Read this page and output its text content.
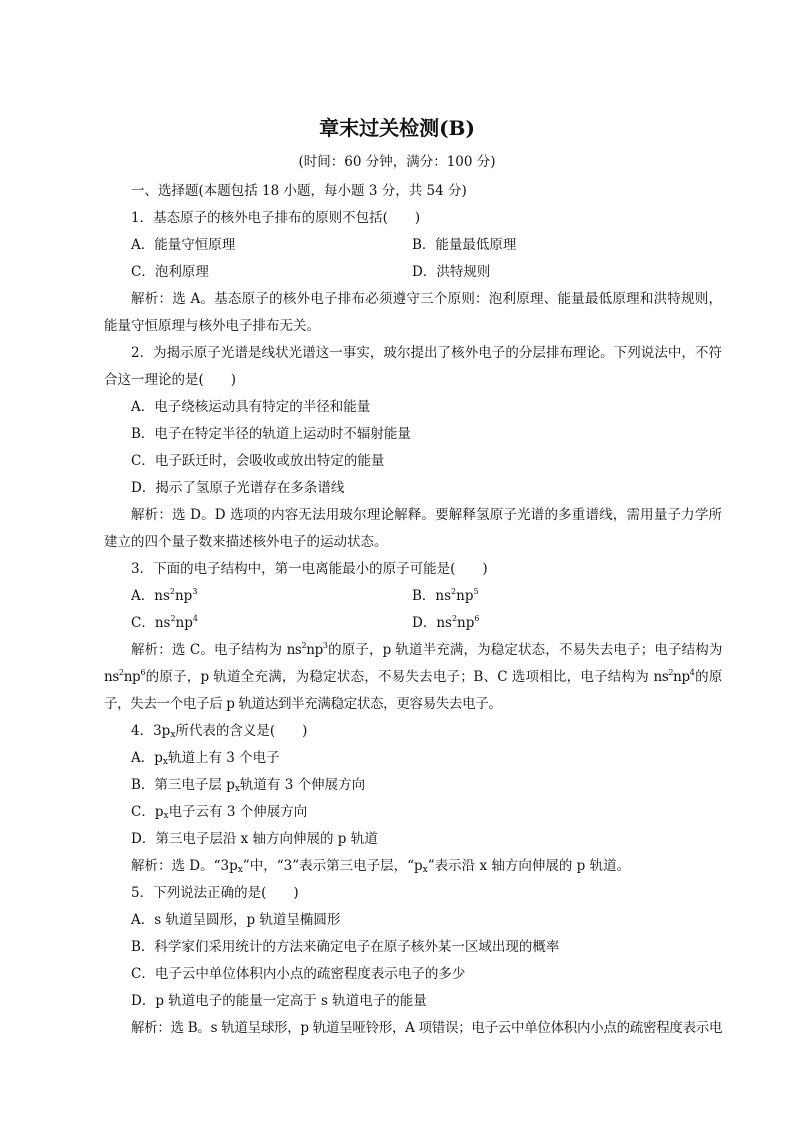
章末过关检测(B)
(时间：60 分钟，满分：100 分)
一、选择题(本题包括 18 小题，每小题 3 分，共 54 分)
1．基态原子的核外电子排布的原则不包括(　　)
A．能量守恒原理	B．能量最低原理
C．泡利原理	D．洪特规则
解析：选 A。基态原子的核外电子排布必须遵守三个原则：泡利原理、能量最低原理和洪特规则，能量守恒原理与核外电子排布无关。
2．为揭示原子光谱是线状光谱这一事实，玻尔提出了核外电子的分层排布理论。下列说法中，不符合这一理论的是(　　)
A．电子绕核运动具有特定的半径和能量
B．电子在特定半径的轨道上运动时不辐射能量
C．电子跃迁时，会吸收或放出特定的能量
D．揭示了氢原子光谱存在多条谱线
解析：选 D。D 选项的内容无法用玻尔理论解释。要解释氢原子光谱的多重谱线，需用量子力学所建立的四个量子数来描述核外电子的运动状态。
3．下面的电子结构中，第一电离能最小的原子可能是(　　)
A．$ns^2np^3$	B．$ns^2np^5$
C．$ns^2np^4$	D．$ns^2np^6$
解析：选 C。电子结构为 $ns^2np^3$的原子，p 轨道半充满，为稳定状态，不易失去电子；电子结构为 $ns^2np^6$的原子，p 轨道全充满，为稳定状态，不易失去电子；B、C 选项相比，电子结构为 $ns^2np^4$的原子，失去一个电子后 p 轨道达到半充满稳定状态，更容易失去电子。
4．$3p_x$所代表的含义是(　　)
A．$p_x$轨道上有 3 个电子
B．第三电子层 $p_x$轨道有 3 个伸展方向
C．$p_x$电子云有 3 个伸展方向
D．第三电子层沿 x 轴方向伸展的 p 轨道
解析：选 D。“$3p_x$”中，“3”表示第三电子层，“$p_x$”表示沿 x 轴方向伸展的 p 轨道。
5．下列说法正确的是(　　)
A．s 轨道呈圆形，p 轨道呈椭圆形
B．科学家们采用统计的方法来确定电子在原子核外某一区域出现的概率
C．电子云中单位体积内小点的疏密程度表示电子的多少
D．p 轨道电子的能量一定高于 s 轨道电子的能量
解析：选 B。s 轨道呈球形，p 轨道呈哑铃形，A 项错误；电子云中单位体积内小点的疏密程度表示电
